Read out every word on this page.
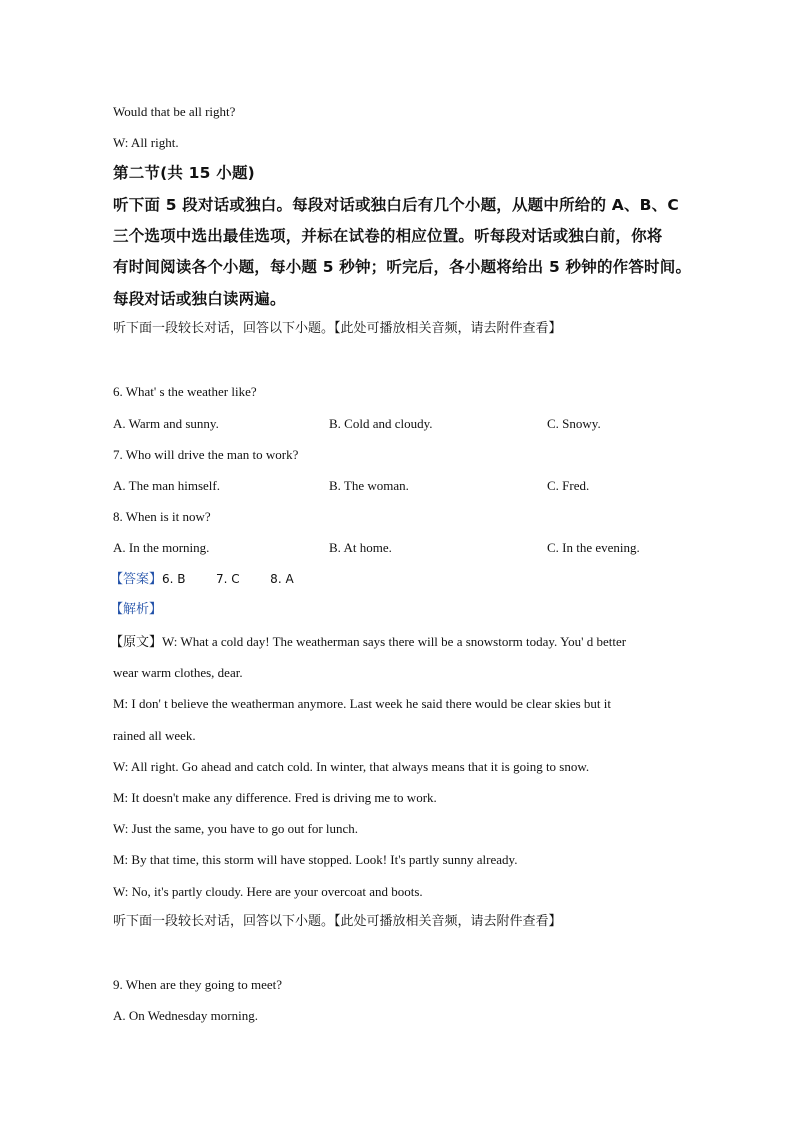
Would that be all right?
W: All right.
第二节(共 15 小题)
听下面 5 段对话或独白。每段对话或独白后有几个小题，从题中所给的 A、B、C
三个选项中选出最佳选项，并标在试卷的相应位置。听每段对话或独白前，你将
有时间阅读各个小题，每小题 5 秒钟；听完后，各小题将给出 5 秒钟的作答时间。
每段对话或独白读两遍。
听下面一段较长对话，回答以下小题。【此处可播放相关音频，请去附件查看】
6. What' s the weather like?
A. Warm and sunny.	B. Cold and cloudy.	C. Snowy.
7. Who will drive the man to work?
A. The man himself.	B. The woman.	C. Fred.
8. When is it now?
A. In the morning.	B. At home.	C. In the evening.
【答案】6. B        7. C        8. A
【解析】
【原文】W: What a cold day! The weatherman says there will be a snowstorm today. You' d better
wear warm clothes, dear.
M: I don' t believe the weatherman anymore. Last week he said there would be clear skies but it
rained all week.
W: All right. Go ahead and catch cold. In winter, that always means that it is going to snow.
M: It doesn't make any difference. Fred is driving me to work.
W: Just the same, you have to go out for lunch.
M: By that time, this storm will have stopped. Look! It's partly sunny already.
W: No, it's partly cloudy. Here are your overcoat and boots.
听下面一段较长对话，回答以下小题。【此处可播放相关音频，请去附件查看】
9. When are they going to meet?
A. On Wednesday morning.
